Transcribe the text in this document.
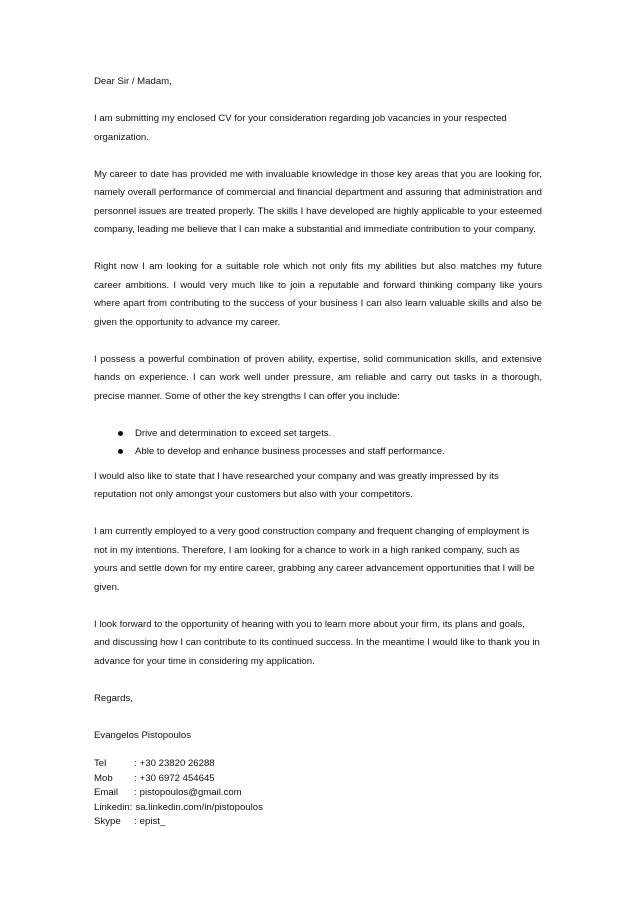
Dear Sir / Madam,

I am submitting my enclosed CV for your consideration regarding job vacancies in your respected organization.

My career to date has provided me with invaluable knowledge in those key areas that you are looking for, namely overall performance of commercial and financial department and assuring that administration and personnel issues are treated properly. The skills I have developed are highly applicable to your esteemed company, leading me believe that I can make a substantial and immediate contribution to your company.

Right now I am looking for a suitable role which not only fits my abilities but also matches my future career ambitions. I would very much like to join a reputable and forward thinking company like yours where apart from contributing to the success of your business I can also learn valuable skills and also be given the opportunity to advance my career.

I possess a powerful combination of proven ability, expertise, solid communication skills, and extensive hands on experience. I can work well under pressure, am reliable and carry out tasks in a thorough, precise manner. Some of other the key strengths I can offer you include:

Drive and determination to exceed set targets.
Able to develop and enhance business processes and staff performance.

I would also like to state that I have researched your company and was greatly impressed by its reputation not only amongst your customers but also with your competitors.

I am currently employed to a very good construction company and frequent changing of employment is not in my intentions. Therefore, I am looking for a chance to work in a high ranked company, such as yours and settle down for my entire career, grabbing any career advancement opportunities that I will be given.

I look forward to the opportunity of hearing with you to learn more about your firm, its plans and goals, and discussing how I can contribute to its continued success. In the meantime I would like to thank you in advance for your time in considering my application.

Regards,

Evangelos Pistopoulos

Tel	: +30 23820 26288
Mob	: +30 6972 454645
Email	: pistopoulos@gmail.com
Linkedin : sa.linkedin.com/in/pistopoulos
Skype	: epist_
